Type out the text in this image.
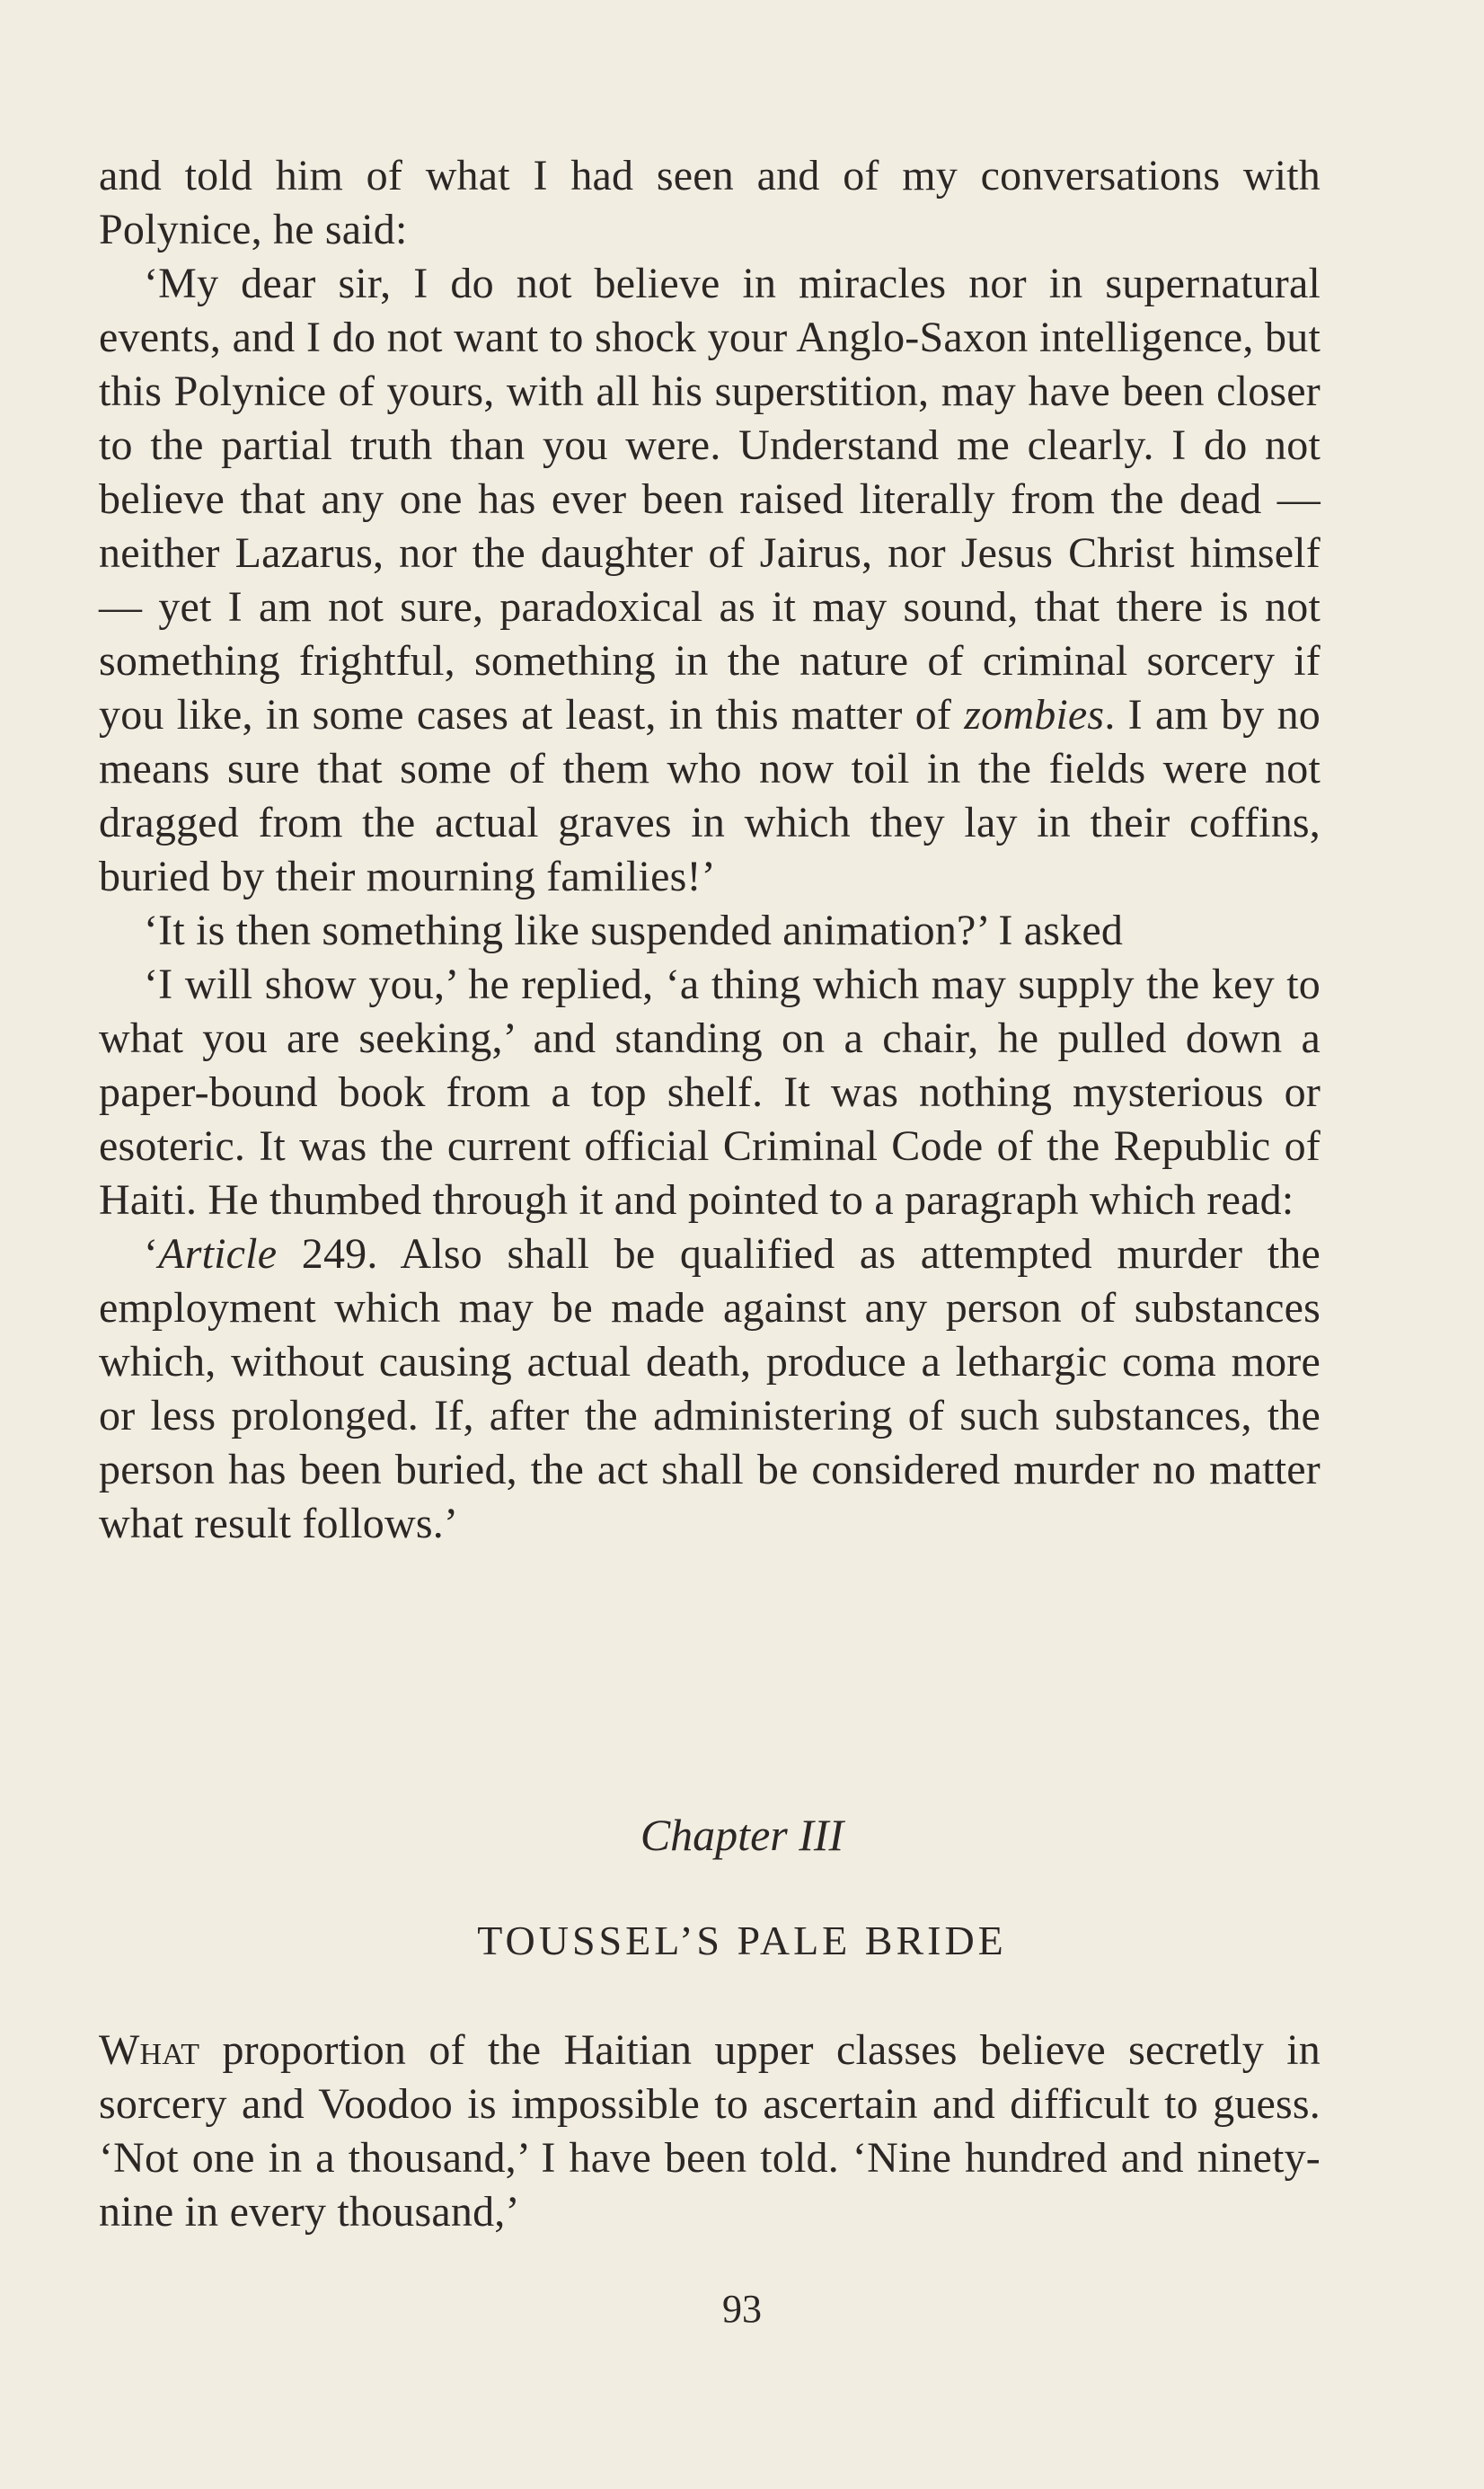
and told him of what I had seen and of my conversations with Polynice, he said:

‘My dear sir, I do not believe in miracles nor in supernatural events, and I do not want to shock your Anglo-Saxon intelligence, but this Polynice of yours, with all his superstition, may have been closer to the partial truth than you were. Understand me clearly. I do not believe that any one has ever been raised literally from the dead — neither Lazarus, nor the daughter of Jairus, nor Jesus Christ himself — yet I am not sure, paradoxical as it may sound, that there is not something frightful, something in the nature of criminal sorcery if you like, in some cases at least, in this matter of zombies. I am by no means sure that some of them who now toil in the fields were not dragged from the actual graves in which they lay in their coffins, buried by their mourning families!’

‘It is then something like suspended animation?’ I asked

‘I will show you,’ he replied, ‘a thing which may supply the key to what you are seeking,’ and standing on a chair, he pulled down a paper-bound book from a top shelf. It was nothing mysterious or esoteric. It was the current official Criminal Code of the Republic of Haiti. He thumbed through it and pointed to a paragraph which read:

‘Article 249. Also shall be qualified as attempted murder the employment which may be made against any person of substances which, without causing actual death, produce a lethargic coma more or less prolonged. If, after the administering of such substances, the person has been buried, the act shall be considered murder no matter what result follows.’

Chapter III
TOUSSEL’S PALE BRIDE

What proportion of the Haitian upper classes believe secretly in sorcery and Voodoo is impossible to ascertain and difficult to guess. ‘Not one in a thousand,’ I have been told. ‘Nine hundred and ninety-nine in every thousand,’

93
